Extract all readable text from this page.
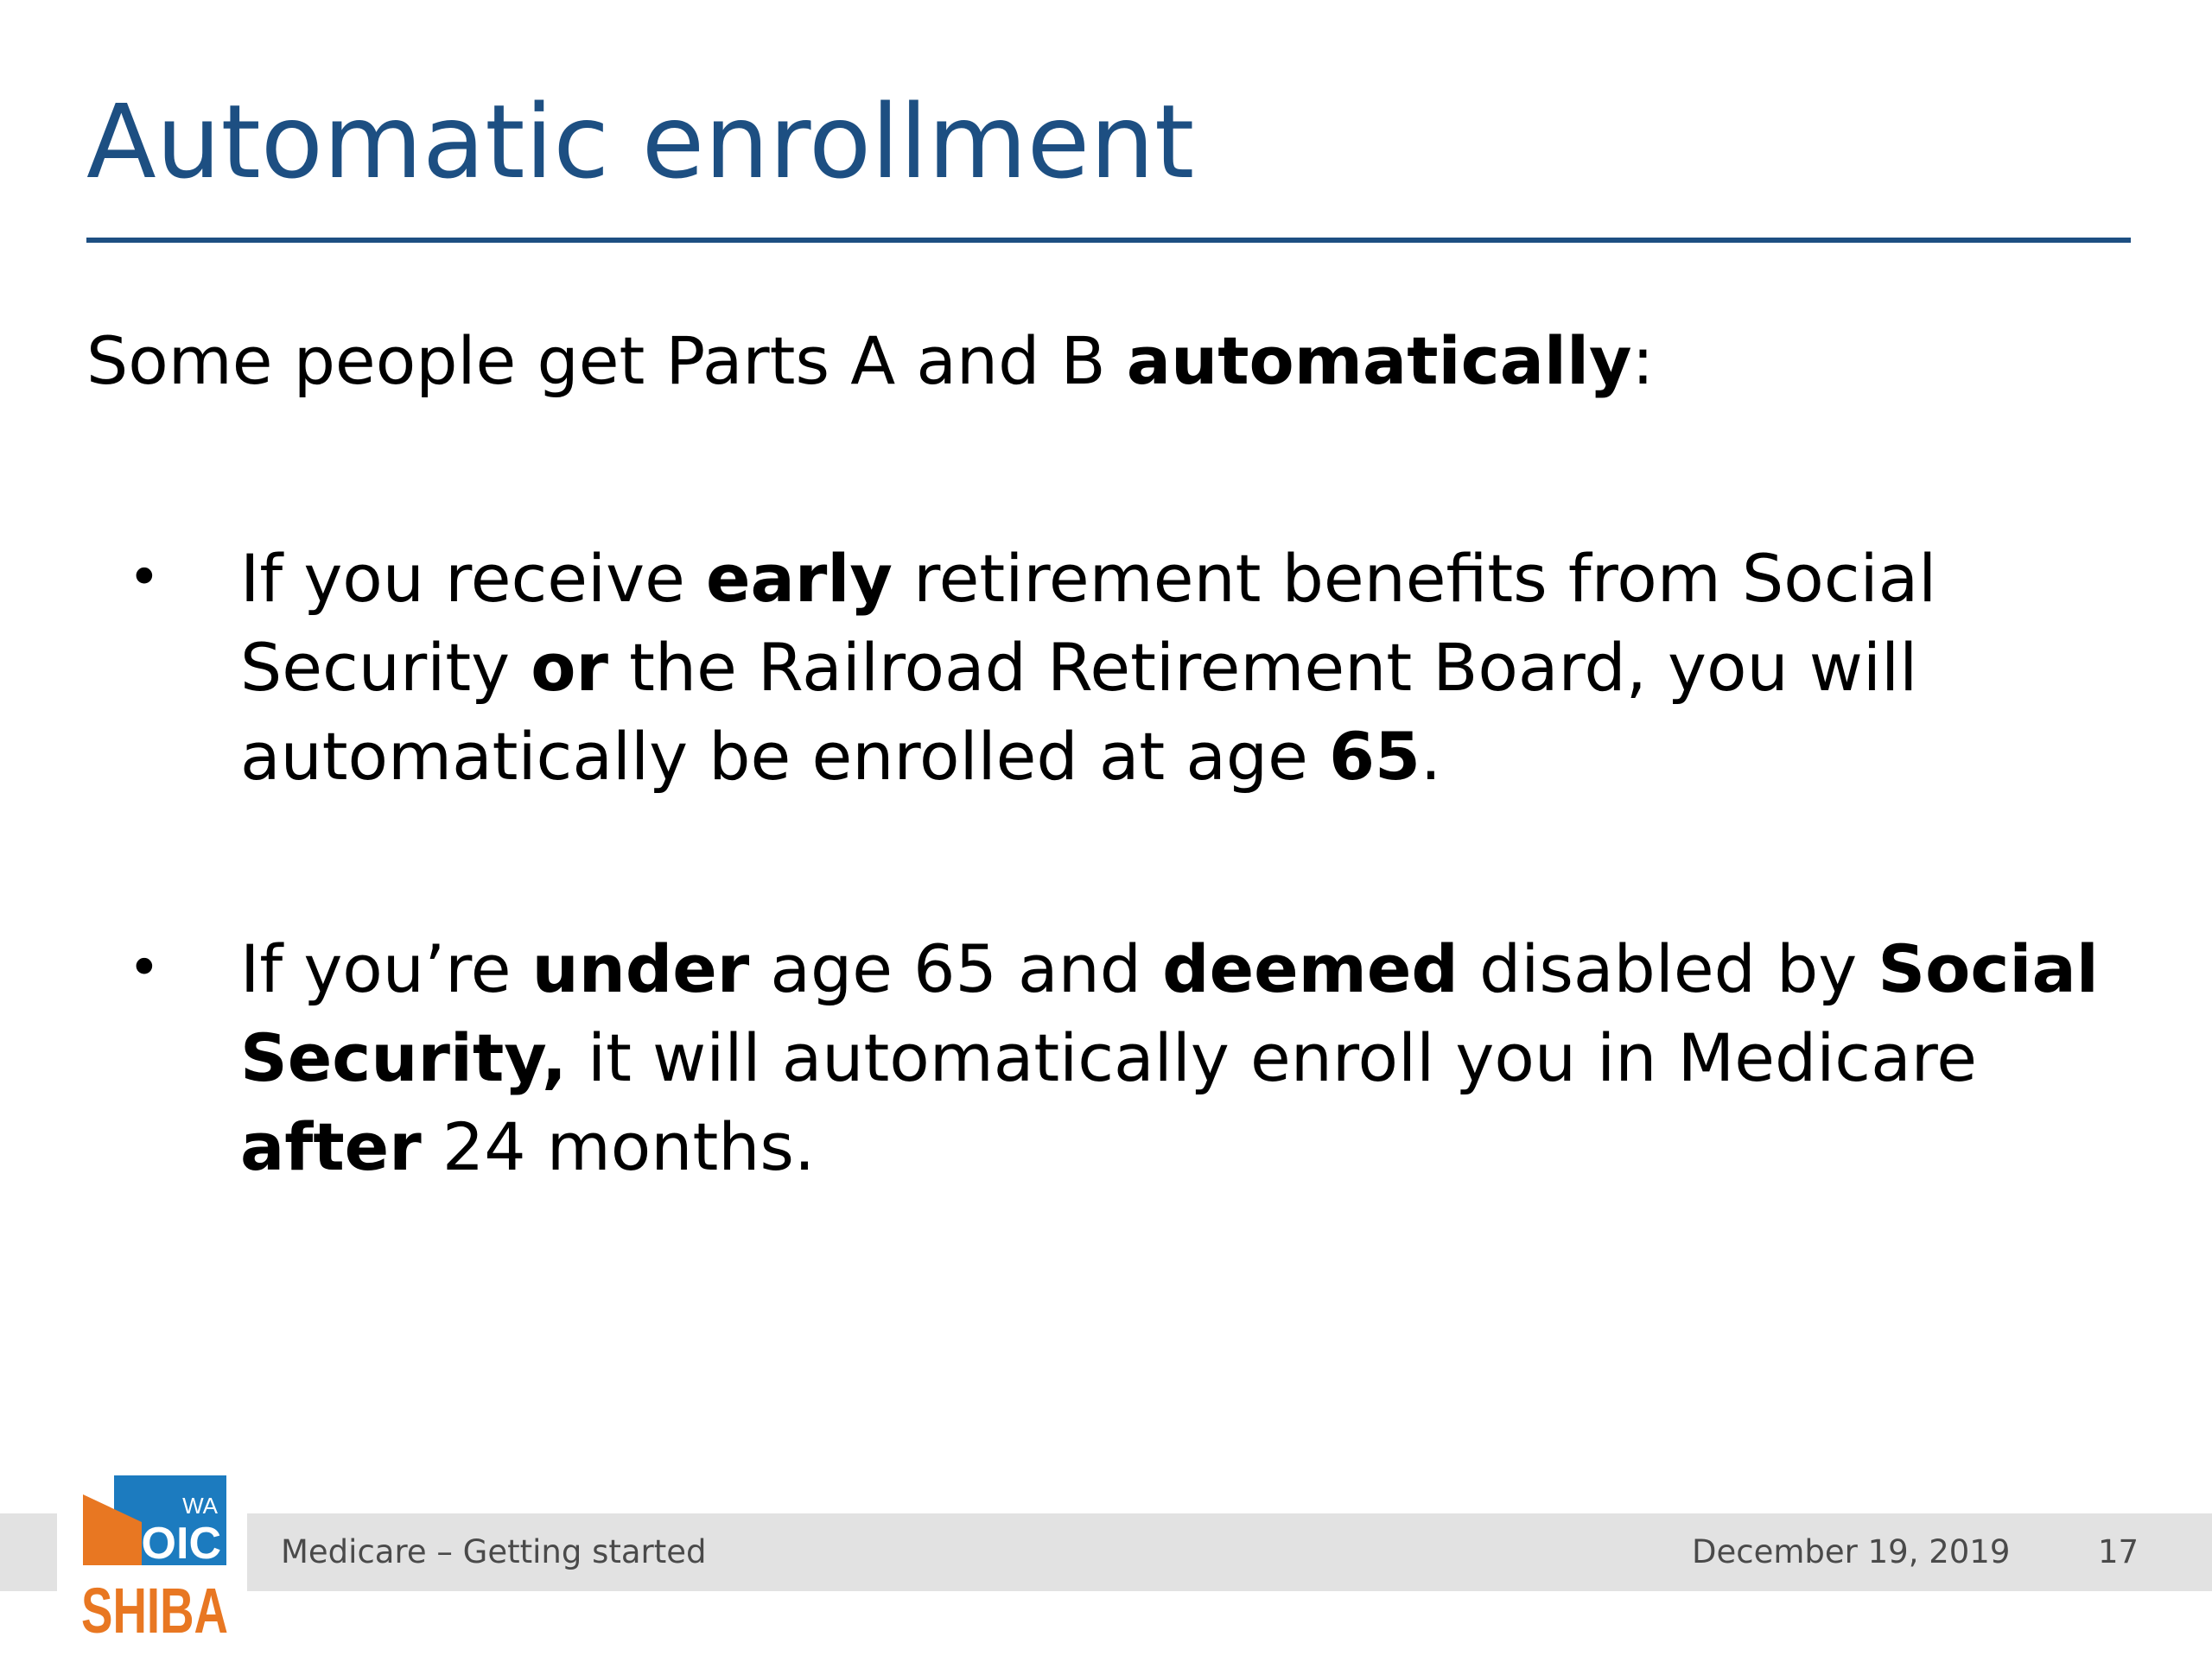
Automatic enrollment

Some people get Parts A and B automatically:

• If you receive early retirement benefits from Social Security or the Railroad Retirement Board, you will automatically be enrolled at age 65.

• If you’re under age 65 and deemed disabled by Social Security, it will automatically enroll you in Medicare after 24 months.

WA
OIC
SHIBA
Medicare – Getting started	December 19, 2019	17
